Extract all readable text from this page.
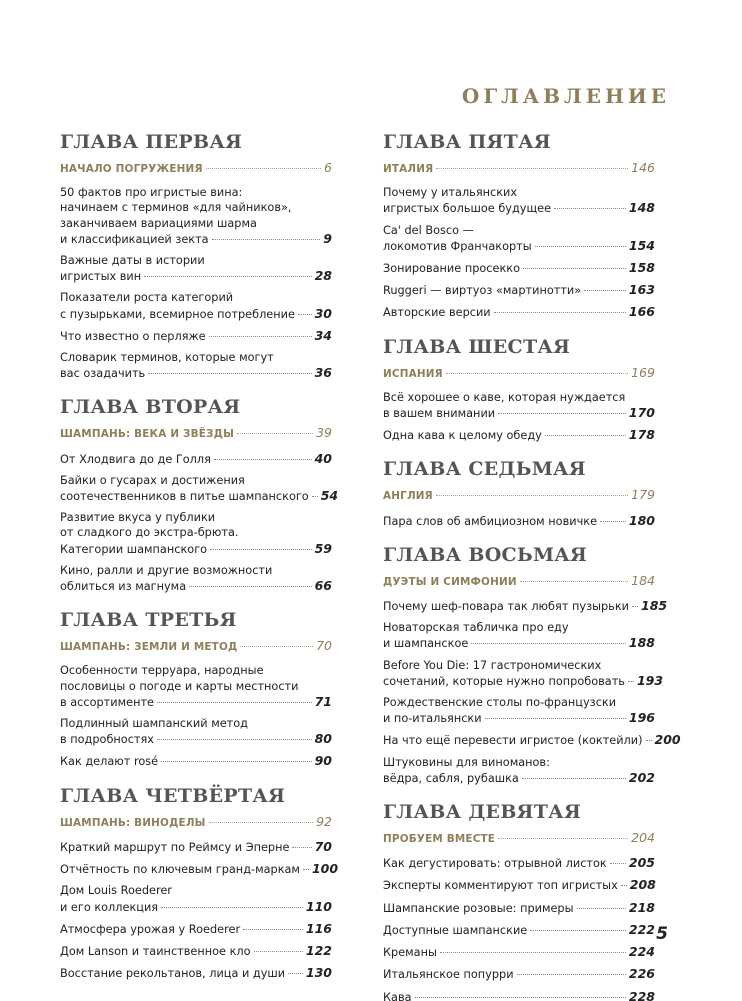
ОГЛАВЛЕНИЕ
ГЛАВА ПЕРВАЯ
НАЧАЛО ПОГРУЖЕНИЯ	6
50 фактов про игристые вина:
начинаем с терминов «для чайников»,
заканчиваем вариациями шарма
и классификацией зекта	9
Важные даты в истории
игристых вин	28
Показатели роста категорий
с пузырьками, всемирное потребление 30
Что известно о перляже	34
Словарик терминов, которые могут
вас озадачить	36
ГЛАВА ВТОРАЯ
ШАМПАНЬ: ВЕКА И ЗВЁЗДЫ	39
От Хлодвига до де Голля	40
Байки о гусарах и достижения
соотечественников в питье шампанского 54
Развитие вкуса у публики
от сладкого до экстра-брюта.
Категории шампанского	59
Кино, ралли и другие возможности
облиться из магнума	66
ГЛАВА ТРЕТЬЯ
ШАМПАНЬ: ЗЕМЛИ И МЕТОД	70
Особенности терруара, народные
пословицы о погоде и карты местности
в ассортименте	71
Подлинный шампанский метод
в подробностях	80
Как делают rosé	90
ГЛАВА ЧЕТВЁРТАЯ
ШАМПАНЬ: ВИНОДЕЛЫ	92
Краткий маршрут по Реймсу и Эперне 70
Отчётность по ключевым гранд-маркам 100
Дом Louis Roederer
и его коллекция	110
Атмосфера урожая у Roederer	116
Дом Lanson и таинственное кло	122
Восстание рекольтанов, лица и души 130
ГЛАВА ПЯТАЯ
ИТАЛИЯ	146
Почему у итальянских
игристых большое будущее	148
Ca' del Bosco —
локомотив Франчакорты	154
Зонирование просекко	158
Ruggeri — виртуоз «мартинотти»	163
Авторские версии	166
ГЛАВА ШЕСТАЯ
ИСПАНИЯ	169
Всё хорошее о каве, которая нуждается
в вашем внимании	170
Одна кава к целому обеду	178
ГЛАВА СЕДЬМАЯ
АНГЛИЯ	179
Пара слов об амбициозном новичке	180
ГЛАВА ВОСЬМАЯ
ДУЭТЫ И СИМФОНИИ	184
Почему шеф-повара так любят пузырьки 185
Новаторская табличка про еду
и шампанское	188
Before You Die: 17 гастрономических
сочетаний, которые нужно попробовать 193
Рождественские столы по-французски
и по-итальянски	196
На что ещё перевести игристое (коктейли) 200
Штуковины для виноманов:
вёдра, сабля, рубашка	202
ГЛАВА ДЕВЯТАЯ
ПРОБУЕМ ВМЕСТЕ	204
Как дегустировать: отрывной листок 205
Эксперты комментируют топ игристых 208
Шампанские розовые: примеры	218
Доступные шампанские	222
Креманы	224
Итальянское попурри	226
Кава	228
5
